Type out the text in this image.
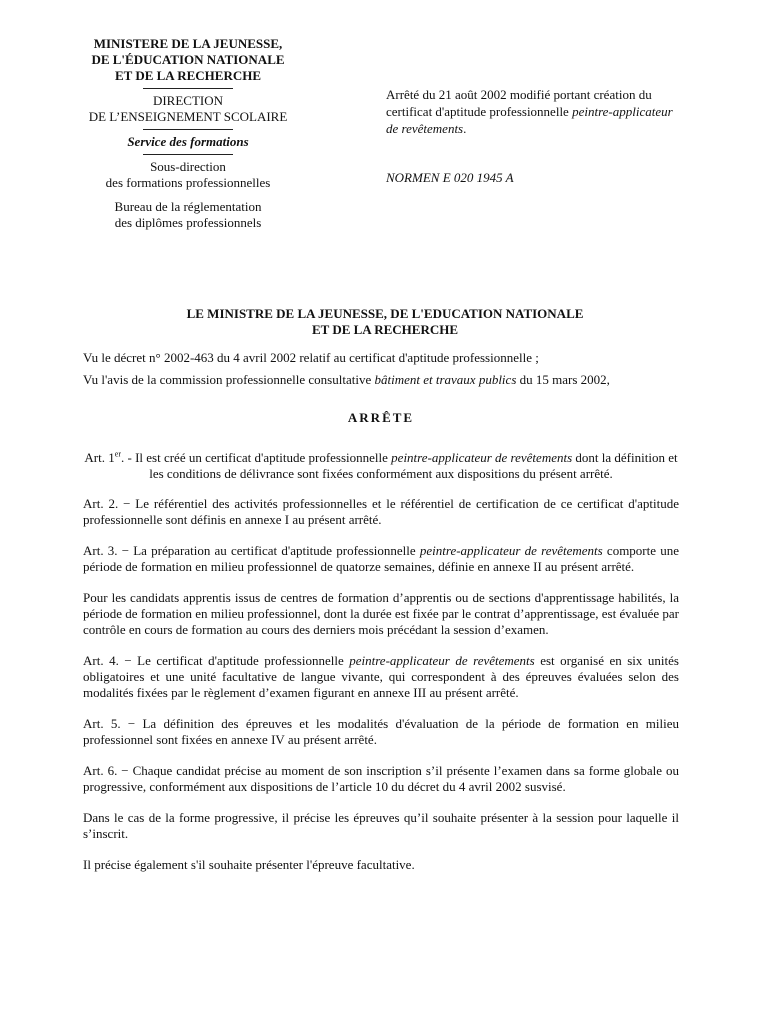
MINISTERE DE LA JEUNESSE,
DE L'ÉDUCATION NATIONALE
ET DE LA RECHERCHE
DIRECTION
DE L’ENSEIGNEMENT SCOLAIRE
Service des formations
Sous-direction
des formations professionnelles
Bureau de la réglementation
des diplômes professionnels
Arrêté du 21 août 2002 modifié portant création du certificat d'aptitude professionnelle peintre-applicateur de revêtements.
NORMEN E 020 1945 A
LE MINISTRE DE LA JEUNESSE, DE L'EDUCATION NATIONALE
ET DE LA RECHERCHE

Vu le décret n° 2002-463 du 4 avril 2002 relatif au certificat d'aptitude professionnelle ;

Vu l'avis de la commission professionnelle consultative bâtiment et travaux publics du 15 mars 2002,

ARRÊTE

Art. 1er. - Il est créé un certificat d'aptitude professionnelle peintre-applicateur de revêtements dont la définition et les conditions de délivrance sont fixées conformément aux dispositions du présent arrêté.

Art. 2. − Le référentiel des activités professionnelles et le référentiel de certification de ce certificat d'aptitude professionnelle sont définis en annexe I au présent arrêté.

Art. 3. − La préparation au certificat d'aptitude professionnelle peintre-applicateur de revêtements comporte une période de formation en milieu professionnel de quatorze semaines, définie en annexe II au présent arrêté.

Pour les candidats apprentis issus de centres de formation d’apprentis ou de sections d'apprentissage habilités, la période de formation en milieu professionnel, dont la durée est fixée par le contrat d’apprentissage, est évaluée par contrôle en cours de formation au cours des derniers mois précédant la session d’examen.

Art. 4. − Le certificat d'aptitude professionnelle peintre-applicateur de revêtements est organisé en six unités obligatoires et une unité facultative de langue vivante, qui correspondent à des épreuves évaluées selon des modalités fixées par le règlement d’examen figurant en annexe III au présent arrêté.

Art. 5. − La définition des épreuves et les modalités d'évaluation de la période de formation en milieu professionnel sont fixées en annexe IV au présent arrêté.

Art. 6. − Chaque candidat précise au moment de son inscription s’il présente l’examen dans sa forme globale ou progressive, conformément aux dispositions de l’article 10 du décret du 4 avril 2002 susvisé.

Dans le cas de la forme progressive, il précise les épreuves qu’il souhaite présenter à la session pour laquelle il s’inscrit.

Il précise également s'il souhaite présenter l'épreuve facultative.
